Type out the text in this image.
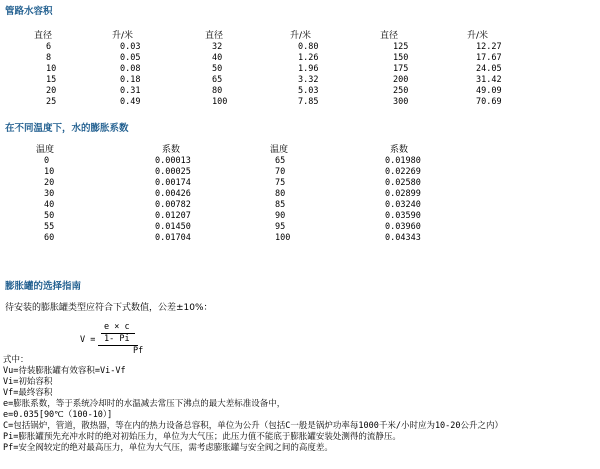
管路水容积
直径	升/米	直径	升/米	直径	升/米
6	0.03	32	0.80	125	12.27
8	0.05	40	1.26	150	17.67
10	0.08	50	1.96	175	24.05
15	0.18	65	3.32	200	31.42
20	0.31	80	5.03	250	49.09
25	0.49	100	7.85	300	70.69
在不同温度下，水的膨胀系数
温度	系数	温度	系数
0	0.00013	65	0.01980
10	0.00025	70	0.02269
20	0.00174	75	0.02580
30	0.00426	80	0.02899
40	0.00782	85	0.03240
50	0.01207	90	0.03590
55	0.01450	95	0.03960
60	0.01704	100	0.04343
膨胀罐的选择指南
待安装的膨胀罐类型应符合下式数值，公差±10%：
V =
e × c
1- Pi
Pf
式中：
Vu=待装膨胀罐有效容积=Vi-Vf
Vi=初始容积
Vf=最终容积
e=膨胀系数，等于系统冷却时的水温减去常压下沸点的最大差标准设备中，
e=0.035[90℃（100-10）]
C=包括锅炉，管道，散热器，等在内的热力设备总容积，单位为公升（包括C一般是锅炉功率每1000千米/小时应为10-20公升之内）
Pi=膨胀罐预先充冲水时的绝对初始压力，单位为大气压；此压力值不能底于膨胀罐安装处测得的流静压。
Pf=安全阀较定的绝对最高压力，单位为大气压，需考虑膨胀罐与安全阀之间的高度差。
